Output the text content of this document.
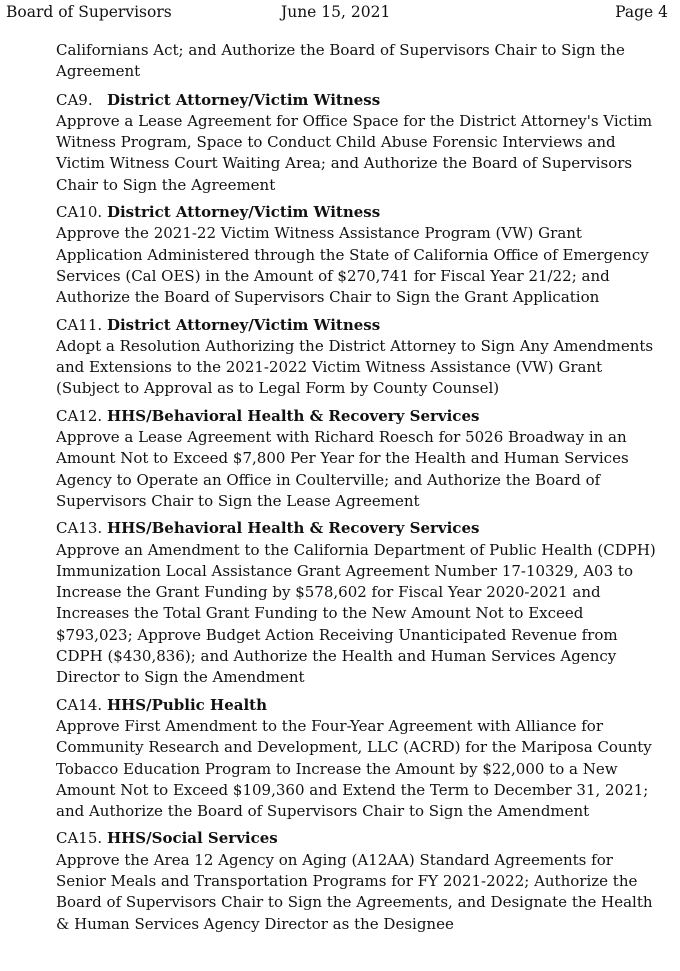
Board of Supervisors	June 15, 2021	Page 4

Californians Act; and Authorize the Board of Supervisors Chair to Sign the Agreement

CA9. District Attorney/Victim Witness

Approve a Lease Agreement for Office Space for the District Attorney's Victim Witness Program, Space to Conduct Child Abuse Forensic Interviews and Victim Witness Court Waiting Area; and Authorize the Board of Supervisors Chair to Sign the Agreement

CA10. District Attorney/Victim Witness

Approve the 2021-22 Victim Witness Assistance Program (VW) Grant Application Administered through the State of California Office of Emergency Services (Cal OES) in the Amount of $270,741 for Fiscal Year 21/22; and Authorize the Board of Supervisors Chair to Sign the Grant Application

CA11. District Attorney/Victim Witness

Adopt a Resolution Authorizing the District Attorney to Sign Any Amendments and Extensions to the 2021-2022 Victim Witness Assistance (VW) Grant (Subject to Approval as to Legal Form by County Counsel)

CA12. HHS/Behavioral Health & Recovery Services

Approve a Lease Agreement with Richard Roesch for 5026 Broadway in an Amount Not to Exceed $7,800 Per Year for the Health and Human Services Agency to Operate an Office in Coulterville; and Authorize the Board of Supervisors Chair to Sign the Lease Agreement

CA13. HHS/Behavioral Health & Recovery Services

Approve an Amendment to the California Department of Public Health (CDPH) Immunization Local Assistance Grant Agreement Number 17-10329, A03 to Increase the Grant Funding by $578,602 for Fiscal Year 2020-2021 and Increases the Total Grant Funding to the New Amount Not to Exceed $793,023; Approve Budget Action Receiving Unanticipated Revenue from CDPH ($430,836); and Authorize the Health and Human Services Agency Director to Sign the Amendment

CA14. HHS/Public Health

Approve First Amendment to the Four-Year Agreement with Alliance for Community Research and Development, LLC (ACRD) for the Mariposa County Tobacco Education Program to Increase the Amount by $22,000 to a New Amount Not to Exceed $109,360 and Extend the Term to December 31, 2021; and Authorize the Board of Supervisors Chair to Sign the Amendment

CA15. HHS/Social Services

Approve the Area 12 Agency on Aging (A12AA) Standard Agreements for Senior Meals and Transportation Programs for FY 2021-2022; Authorize the Board of Supervisors Chair to Sign the Agreements, and Designate the Health & Human Services Agency Director as the Designee
